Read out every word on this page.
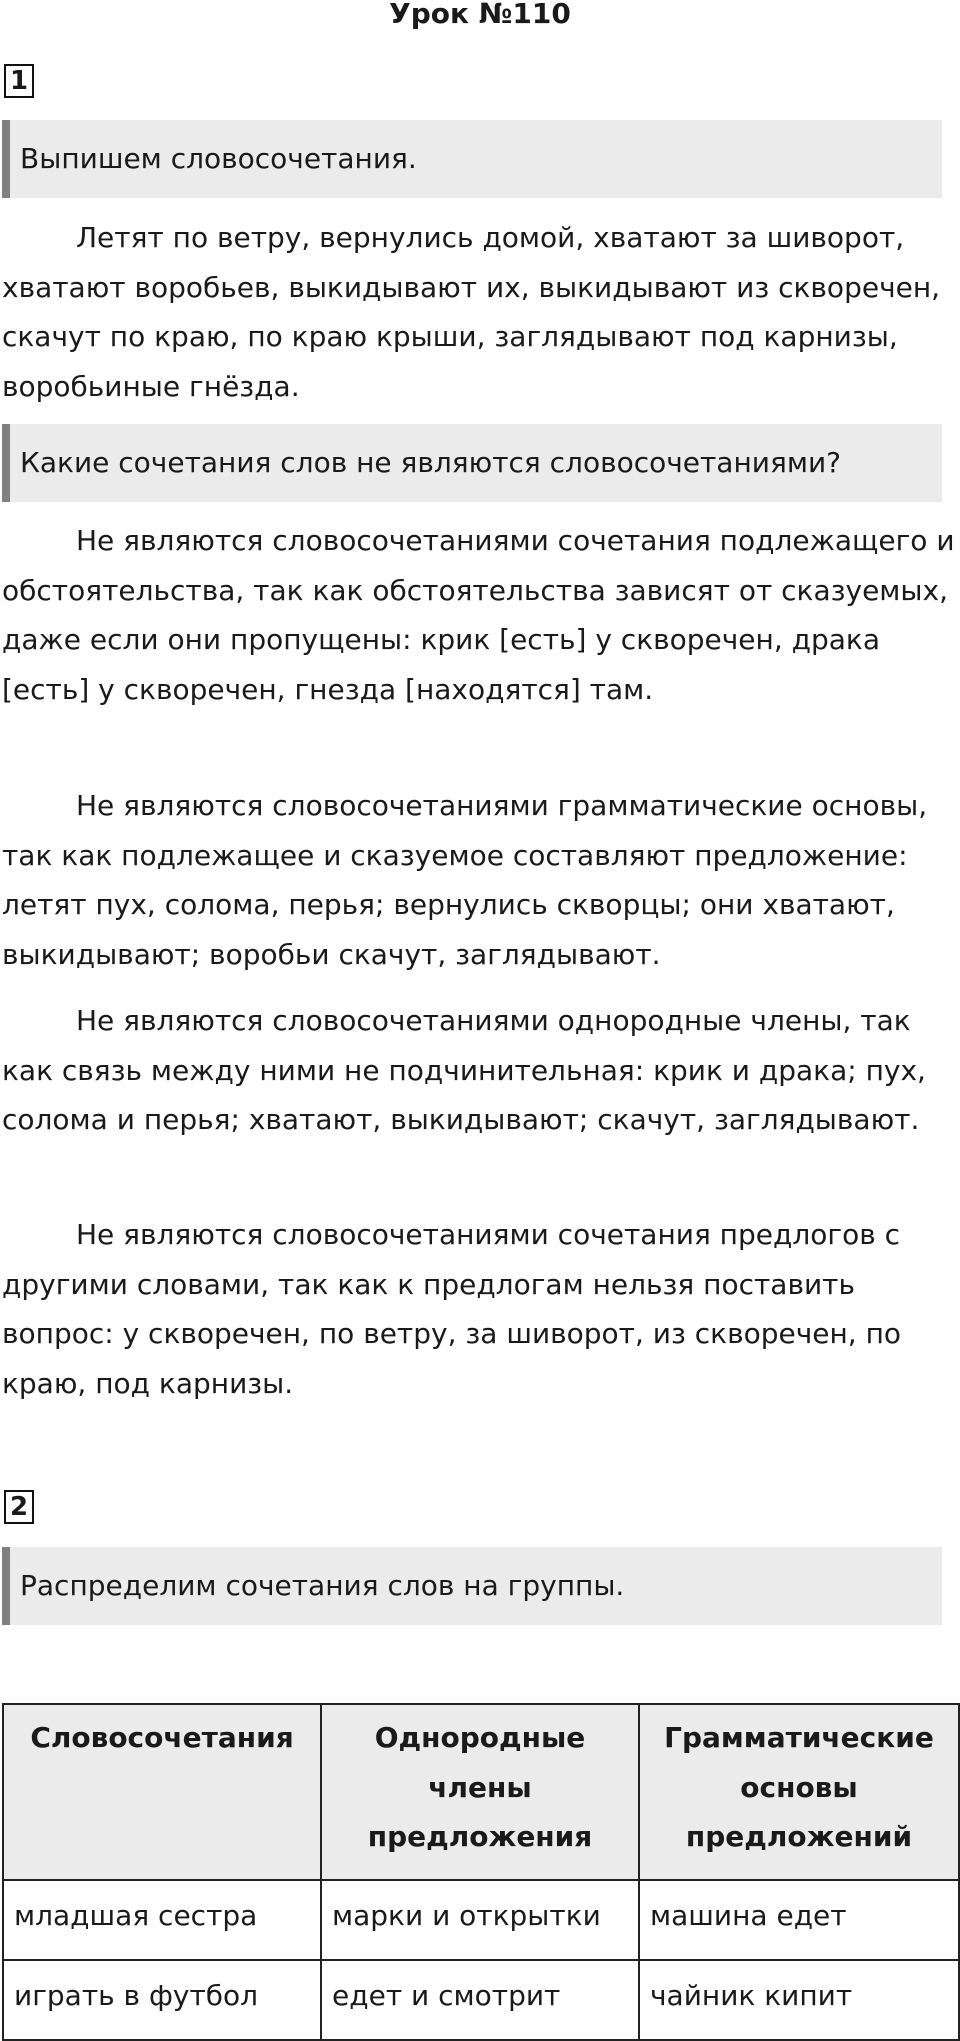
Урок №110
1
Выпишем словосочетания.

Летят по ветру, вернулись домой, хватают за шиворот, хватают воробьев, выкидывают их, выкидывают из скворечен, скачут по краю, по краю крыши, заглядывают под карнизы, воробьиные гнёзда.

Какие сочетания слов не являются словосочетаниями?

Не являются словосочетаниями сочетания подлежащего и обстоятельства, так как обстоятельства зависят от сказуемых, даже если они пропущены: крик [есть] у скворечен, драка [есть] у скворечен, гнезда [находятся] там.

Не являются словосочетаниями грамматические основы, так как подлежащее и сказуемое составляют предложение: летят пух, солома, перья; вернулись скворцы; они хватают, выкидывают; воробьи скачут, заглядывают.

Не являются словосочетаниями однородные члены, так как связь между ними не подчинительная: крик и драка; пух, солома и перья; хватают, выкидывают; скачут, заглядывают.

Не являются словосочетаниями сочетания предлогов с другими словами, так как к предлогам нельзя поставить вопрос: у скворечен, по ветру, за шиворот, из скворечен, по краю, под карнизы.

2
Распределим сочетания слов на группы.
Словосочетания	Однородные члены предложения	Грамматические основы предложений
младшая сестра	марки и открытки	машина едет
играть в футбол	едет и смотрит	чайник кипит
